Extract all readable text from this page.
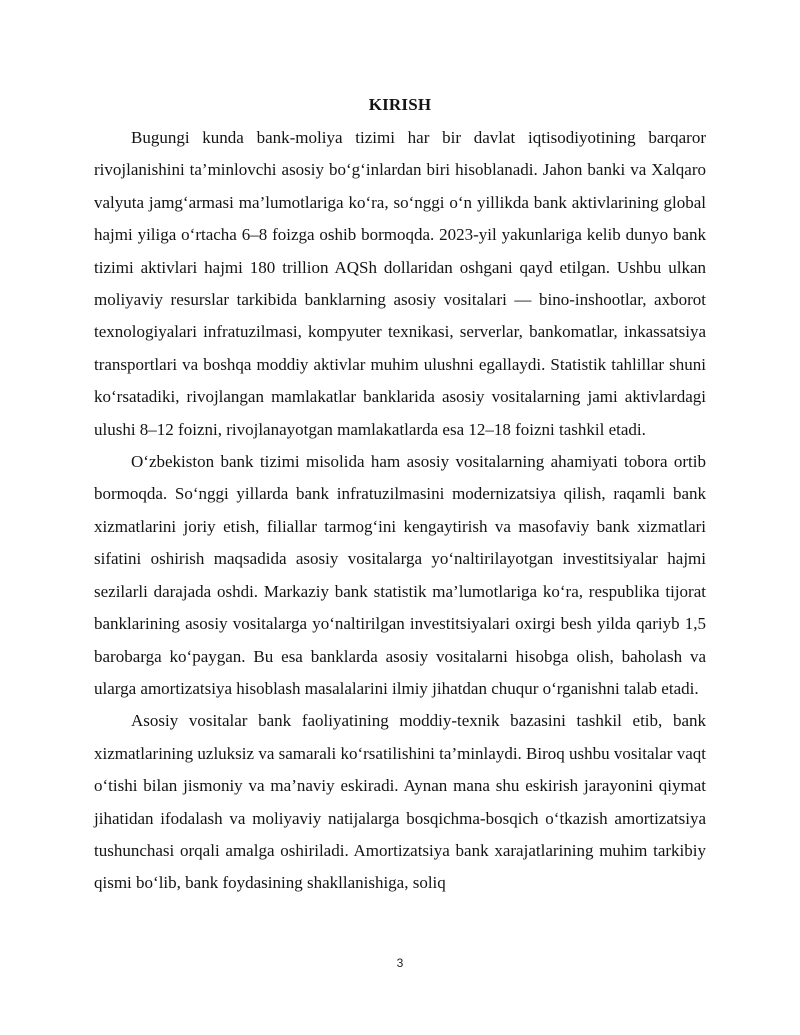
KIRISH

Bugungi kunda bank-moliya tizimi har bir davlat iqtisodiyotining barqaror rivojlanishini ta’minlovchi asosiy bo‘g‘inlardan biri hisoblanadi. Jahon banki va Xalqaro valyuta jamg‘armasi ma’lumotlariga ko‘ra, so‘nggi o‘n yillikda bank aktivlarining global hajmi yiliga o‘rtacha 6–8 foizga oshib bormoqda. 2023-yil yakunlariga kelib dunyo bank tizimi aktivlari hajmi 180 trillion AQSh dollaridan oshgani qayd etilgan. Ushbu ulkan moliyaviy resurslar tarkibida banklarning asosiy vositalari — bino-inshootlar, axborot texnologiyalari infratuzilmasi, kompyuter texnikasi, serverlar, bankomatlar, inkassatsiya transportlari va boshqa moddiy aktivlar muhim ulushni egallaydi. Statistik tahlillar shuni ko‘rsatadiki, rivojlangan mamlakatlar banklarida asosiy vositalarning jami aktivlardagi ulushi 8–12 foizni, rivojlanayotgan mamlakatlarda esa 12–18 foizni tashkil etadi.

O‘zbekiston bank tizimi misolida ham asosiy vositalarning ahamiyati tobora ortib bormoqda. So‘nggi yillarda bank infratuzilmasini modernizatsiya qilish, raqamli bank xizmatlarini joriy etish, filiallar tarmog‘ini kengaytirish va masofaviy bank xizmatlari sifatini oshirish maqsadida asosiy vositalarga yo‘naltirilayotgan investitsiyalar hajmi sezilarli darajada oshdi. Markaziy bank statistik ma’lumotlariga ko‘ra, respublika tijorat banklarining asosiy vositalarga yo‘naltirilgan investitsiyalari oxirgi besh yilda qariyb 1,5 barobarga ko‘paygan. Bu esa banklarda asosiy vositalarni hisobga olish, baholash va ularga amortizatsiya hisoblash masalalarini ilmiy jihatdan chuqur o‘rganishni talab etadi.

Asosiy vositalar bank faoliyatining moddiy-texnik bazasini tashkil etib, bank xizmatlarining uzluksiz va samarali ko‘rsatilishini ta’minlaydi. Biroq ushbu vositalar vaqt o‘tishi bilan jismoniy va ma’naviy eskiradi. Aynan mana shu eskirish jarayonini qiymat jihatidan ifodalash va moliyaviy natijalarga bosqichma-bosqich o‘tkazish amortizatsiya tushunchasi orqali amalga oshiriladi. Amortizatsiya bank xarajatlarining muhim tarkibiy qismi bo‘lib, bank foydasining shakllanishiga, soliq

3
